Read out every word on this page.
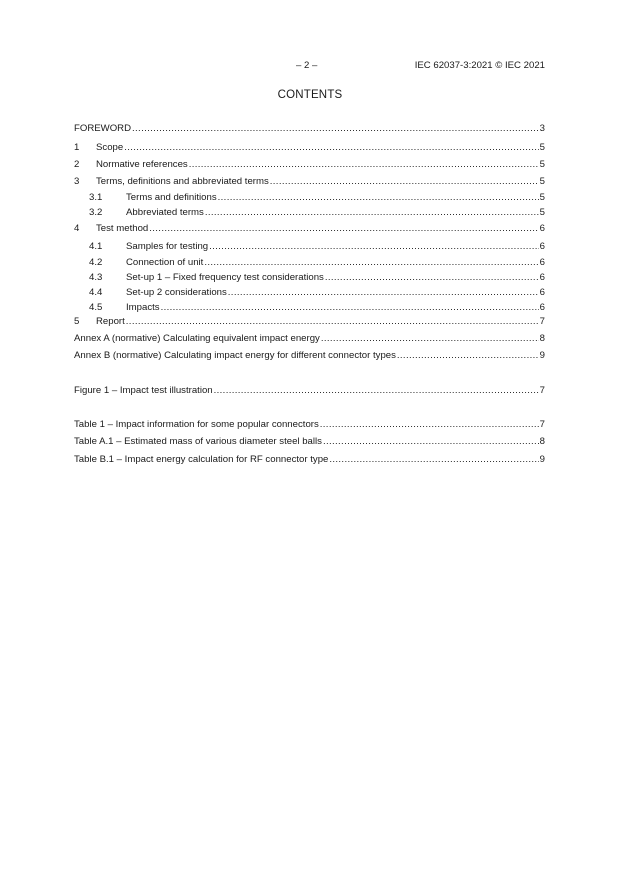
– 2 –	IEC 62037-3:2021 © IEC 2021
CONTENTS
FOREWORD .....	3
1	Scope .....	5
2	Normative references .....	5
3	Terms, definitions and abbreviated terms .....	5
3.1	Terms and definitions .....	5
3.2	Abbreviated terms .....	5
4	Test method .....	6
4.1	Samples for testing .....	6
4.2	Connection of unit .....	6
4.3	Set-up 1 – Fixed frequency test considerations .....	6
4.4	Set-up 2 considerations .....	6
4.5	Impacts .....	6
5	Report .....	7
Annex A (normative) Calculating equivalent impact energy .....	8
Annex B (normative) Calculating impact energy for different connector types .....	9
Figure 1 – Impact test illustration .....	7
Table 1 – Impact information for some popular connectors .....	7
Table A.1 – Estimated mass of various diameter steel balls .....	8
Table B.1 – Impact energy calculation for RF connector type .....	9
